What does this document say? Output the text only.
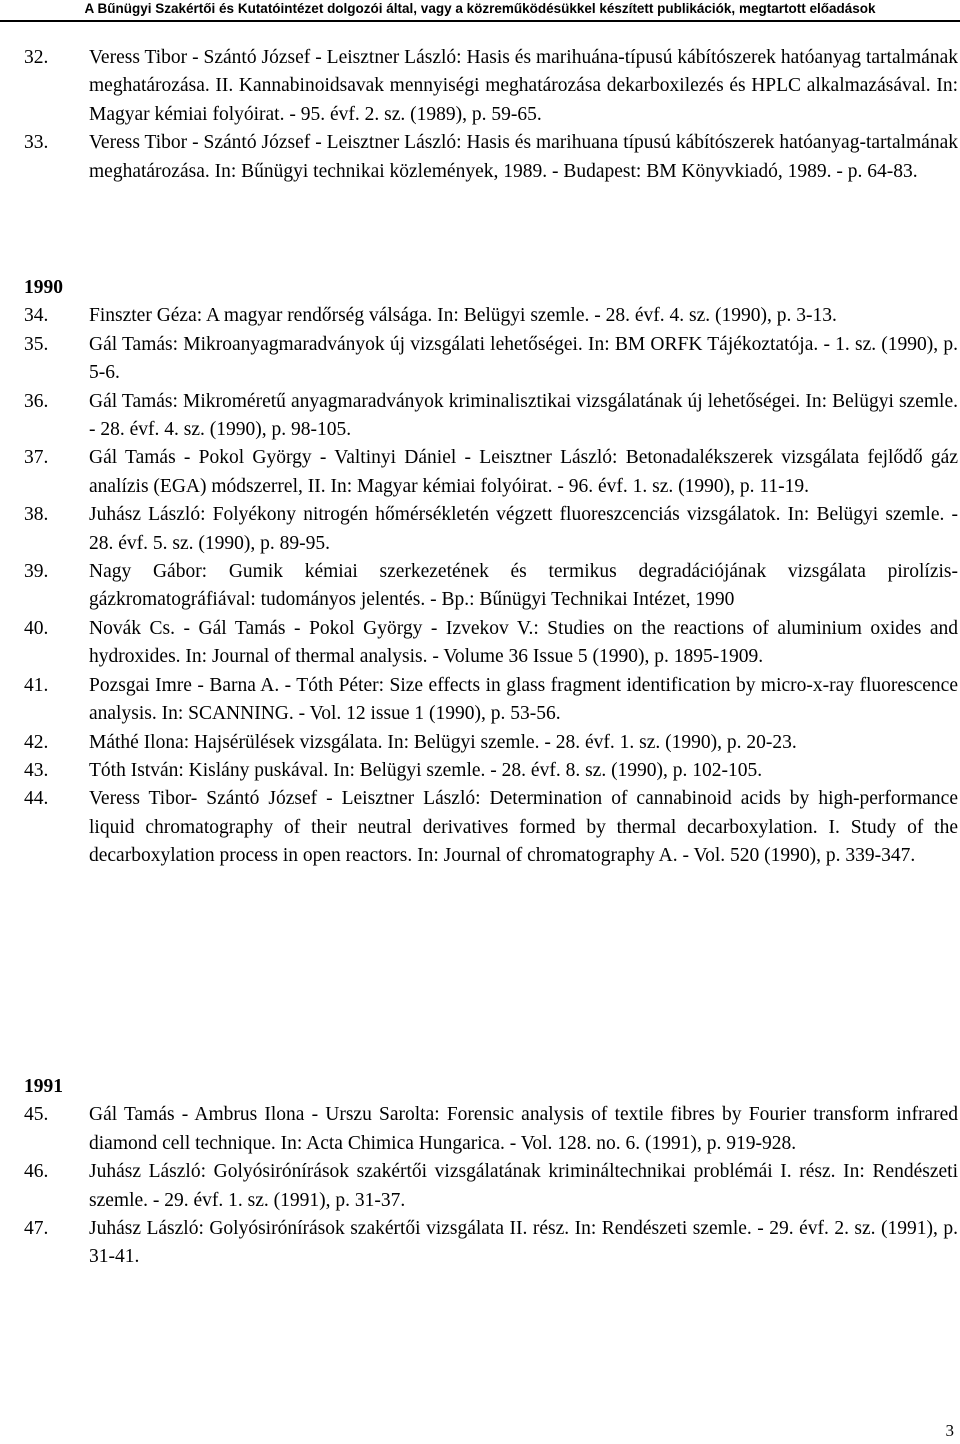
A Bűnügyi Szakértői és Kutatóintézet dolgozói által, vagy a közreműködésükkel készített publikációk, megtartott előadások
32.	Veress Tibor - Szántó József - Leisztner László: Hasis és marihuána-típusú kábítószerek hatóanyag tartalmának meghatározása. II. Kannabinoidsavak mennyiségi meghatározása dekarboxilezés és HPLC alkalmazásával. In: Magyar kémiai folyóirat. - 95. évf. 2. sz. (1989), p. 59-65.
33.	Veress Tibor - Szántó József - Leisztner László: Hasis és marihuana típusú kábítószerek hatóanyag-tartalmának meghatározása. In: Bűnügyi technikai közlemények, 1989. - Budapest: BM Könyvkiadó, 1989. - p. 64-83.
1990
34.	Finszter Géza: A magyar rendőrség válsága. In: Belügyi szemle. - 28. évf. 4. sz. (1990), p. 3-13.
35.	Gál Tamás: Mikroanyagmaradványok új vizsgálati lehetőségei. In: BM ORFK Tájékoztatója. - 1. sz. (1990), p. 5-6.
36.	Gál Tamás: Mikroméretű anyagmaradványok kriminalisztikai vizsgálatának új lehetőségei. In: Belügyi szemle. - 28. évf. 4. sz. (1990), p. 98-105.
37.	Gál Tamás - Pokol György - Valtinyi Dániel - Leisztner László: Betonadalékszerek vizsgálata fejlődő gáz analízis (EGA) módszerrel, II. In: Magyar kémiai folyóirat. - 96. évf. 1. sz. (1990), p. 11-19.
38.	Juhász László: Folyékony nitrogén hőmérsékletén végzett fluoreszcenciás vizsgálatok. In: Belügyi szemle. - 28. évf. 5. sz. (1990), p. 89-95.
39.	Nagy Gábor: Gumik kémiai szerkezetének és termikus degradációjának vizsgálata pirolízis-gázkromatográfiával: tudományos jelentés. - Bp.: Bűnügyi Technikai Intézet, 1990
40.	Novák Cs. - Gál Tamás - Pokol György - Izvekov V.: Studies on the reactions of aluminium oxides and hydroxides. In: Journal of thermal analysis. - Volume 36 Issue 5 (1990), p. 1895-1909.
41.	Pozsgai Imre - Barna A. - Tóth Péter: Size effects in glass fragment identification by micro-x-ray fluorescence analysis. In: SCANNING. - Vol. 12 issue 1 (1990), p. 53-56.
42.	Máthé Ilona: Hajsérülések vizsgálata. In: Belügyi szemle. - 28. évf. 1. sz. (1990), p. 20-23.
43.	Tóth István: Kislány puskával. In: Belügyi szemle. - 28. évf. 8. sz. (1990), p. 102-105.
44.	Veress Tibor- Szántó József - Leisztner László: Determination of cannabinoid acids by high-performance liquid chromatography of their neutral derivatives formed by thermal decarboxylation. I. Study of the decarboxylation process in open reactors. In: Journal of chromatography A. - Vol. 520 (1990), p. 339-347.
1991
45.	Gál Tamás - Ambrus Ilona - Urszu Sarolta: Forensic analysis of textile fibres by Fourier transform infrared diamond cell technique. In: Acta Chimica Hungarica. - Vol. 128. no. 6. (1991), p. 919-928.
46.	Juhász László: Golyósirónírások szakértői vizsgálatának krimináltechnikai problémái I. rész. In: Rendészeti szemle. - 29. évf. 1. sz. (1991), p. 31-37.
47.	Juhász László: Golyósirónírások szakértői vizsgálata II. rész. In: Rendészeti szemle. - 29. évf. 2. sz. (1991), p. 31-41.
3
